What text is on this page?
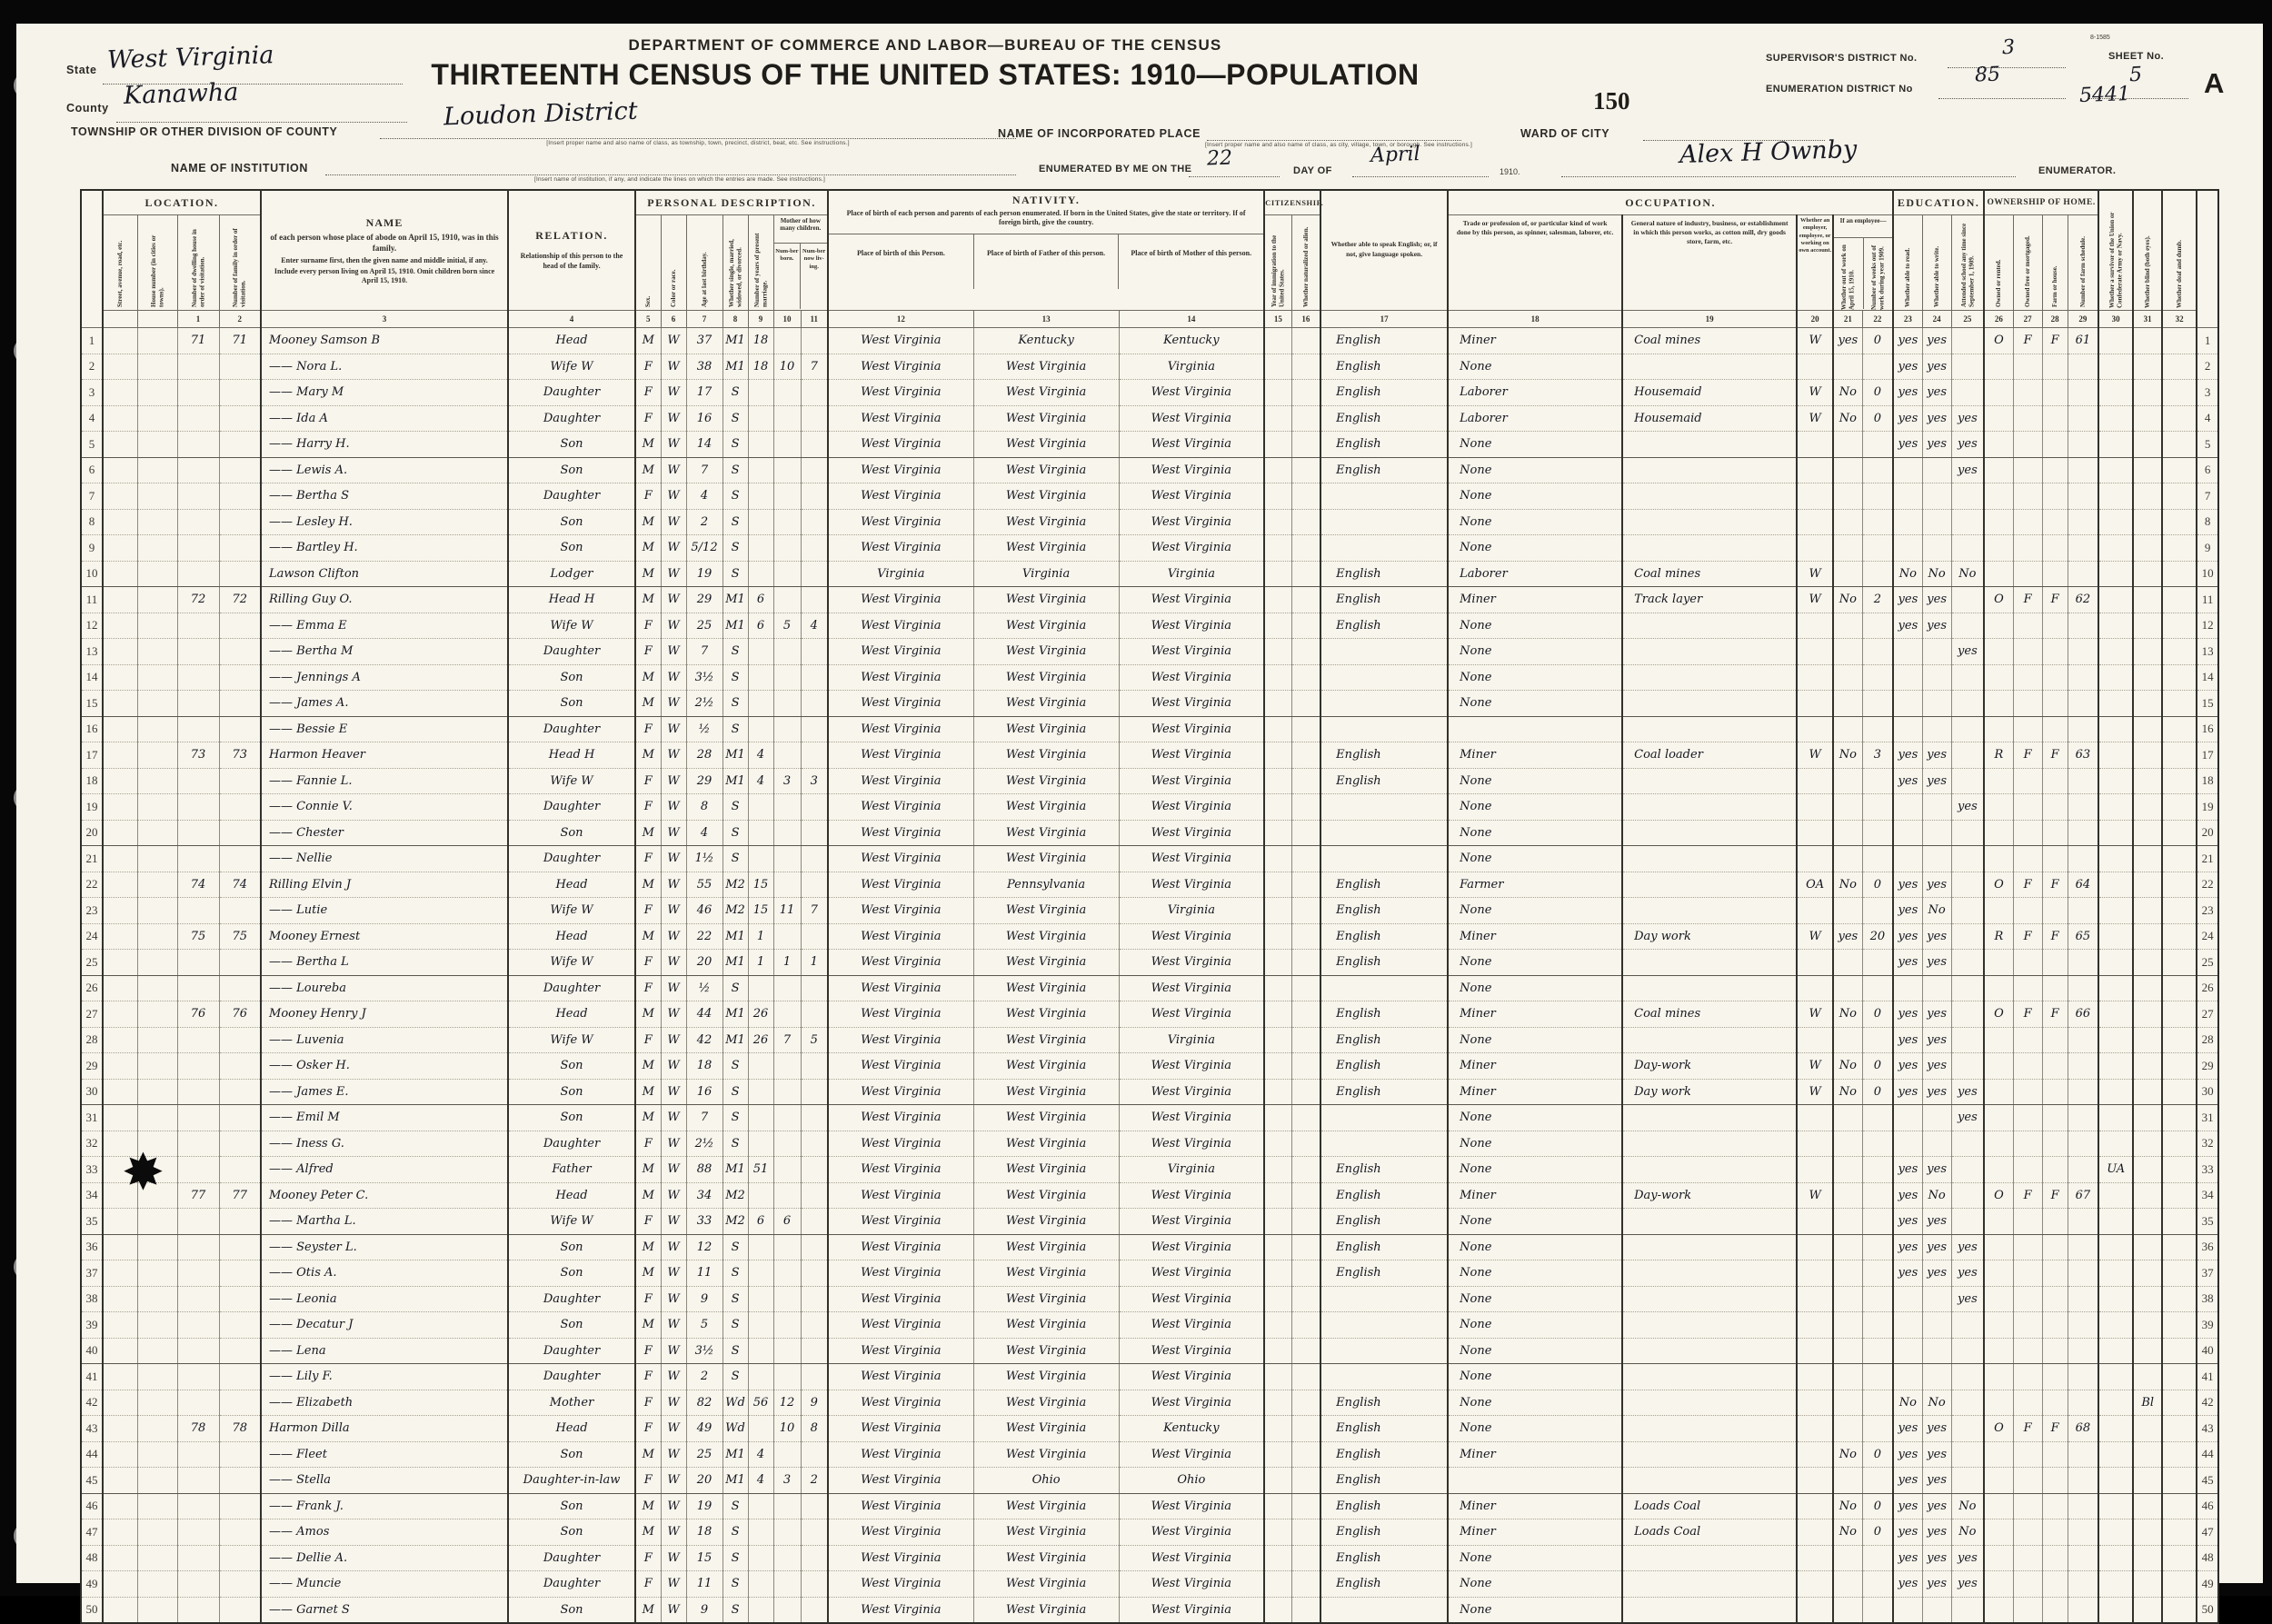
State West Virginia
County Kanawha
DEPARTMENT OF COMMERCE AND LABOR—BUREAU OF THE CENSUS
THIRTEENTH CENSUS OF THE UNITED STATES: 1910—POPULATION
150
SUPERVISOR'S DISTRICT No.	3
ENUMERATION DISTRICT No
85
8-1585
SHEET No.
5 A
TOWNSHIP OR OTHER DIVISION OF COUNTY
Loudon District
[Insert proper name and also name of class, as township, town, precinct, district, beat, etc. See instructions.]
NAME OF INCORPORATED PLACE
[Insert proper name and also name of class, as city, village, town, or borough. See instructions.]
WARD OF CITY
5441
NAME OF INSTITUTION
[Insert name of institution, if any, and indicate the lines on which the entries are made. See instructions.]
ENUMERATED BY ME ON THE 22
DAY OF
April
1910.
Alex H Ownby
ENUMERATOR.
	LOCATION.	
NAME
of each person whose place of abode on April 15, 1910, was in this family.
Enter surname first, then the given name and middle initial, if any.
Include every person living on April 15, 1910. Omit children born since April 15, 1910.

RELATION.
Relationship of this person to the head of the family.
	PERSONAL DESCRIPTION.	NATIVITY.
Place of birth of each person and parents of each person enumerated. If born in the United States, give the state or territory. If of foreign birth, give the country.
Place of birth of this Person.	Place of birth of Father of this person.	Place of birth of Mother of this person.
	CITIZENSHIP.	
Whether able to speak English; or, if not, give language spoken.
	OCCUPATION.	EDUCATION.	OWNERSHIP OF HOME.	
Whether a survivor of the Union or Confederate Army or Navy.	Whether blind (both eyes).	Whether deaf and dumb.

Street, avenue, road, etc.	House number (in cities or towns).	Number of dwelling house in order of visitation.	Number of family in order of visitation.	Sex.	Color or race.	Age at last birthday.	Whether single, married, widowed, or divorced.	Number of years of present marriage.

Mother of how many children.
Num-ber born.
Num-ber now liv-ing.	Year of immigration to the United States.	Whether naturalized or alien.

Trade or profession of, or particular kind of work done by this person, as spinner, salesman, laborer, etc.

General nature of industry, business, or establishment in which this person works, as cotton mill, dry goods store, farm, etc.

Whether an employer, employee, or working on own account.

If an employee—
Whether out of work on April 15, 1910. Number of weeks out of work during year 1909.	Whether able to read.	Whether able to write.	Attended school any time since September 1, 1909.	Owned or rented.	Owned free or mortgaged.	Farm or house.	Number of farm schedule.

			1	2	3	4	5	6	7	8	9	10	11	12	13	14	15	16	17	18	19	20	21	22	23	24	25	26	27	28	29	30	31	32	
1			71	71	Mooney Samson B	Head	M	W	37	M1	18			West Virginia	Kentucky	Kentucky			English	Miner	Coal mines	W	yes	0	yes	yes		O	F	F	61				1
2					—— Nora L.	Wife W	F	W	38	M1	18	10	7	West Virginia	West Virginia	Virginia			English	None					yes	yes									2
3					—— Mary M	Daughter	F	W	17	S				West Virginia	West Virginia	West Virginia			English	Laborer	Housemaid	W	No	0	yes	yes									3
4					—— Ida A	Daughter	F	W	16	S				West Virginia	West Virginia	West Virginia			English	Laborer	Housemaid	W	No	0	yes	yes	yes								4
5					—— Harry H.	Son	M	W	14	S				West Virginia	West Virginia	West Virginia			English	None					yes	yes	yes								5
6					—— Lewis A.	Son	M	W	7	S				West Virginia	West Virginia	West Virginia			English	None							yes								6
7					—— Bertha S	Daughter	F	W	4	S				West Virginia	West Virginia	West Virginia				None															7
8					—— Lesley H.	Son	M	W	2	S				West Virginia	West Virginia	West Virginia				None															8
9					—— Bartley H.	Son	M	W	5/12	S				West Virginia	West Virginia	West Virginia				None															9
10					Lawson Clifton	Lodger	M	W	19	S				Virginia	Virginia	Virginia			English	Laborer	Coal mines	W			No	No	No								10
11			72	72	Rilling Guy O.	Head H	M	W	29	M1	6			West Virginia	West Virginia	West Virginia			English	Miner	Track layer	W	No	2	yes	yes		O	F	F	62				11
12					—— Emma E	Wife W	F	W	25	M1	6	5	4	West Virginia	West Virginia	West Virginia			English	None					yes	yes									12
13					—— Bertha M	Daughter	F	W	7	S				West Virginia	West Virginia	West Virginia				None							yes								13
14					—— Jennings A	Son	M	W	3½	S				West Virginia	West Virginia	West Virginia				None															14
15					—— James A.	Son	M	W	2½	S				West Virginia	West Virginia	West Virginia				None															15
16					—— Bessie E	Daughter	F	W	½	S				West Virginia	West Virginia	West Virginia																			16
17			73	73	Harmon Heaver	Head H	M	W	28	M1	4			West Virginia	West Virginia	West Virginia			English	Miner	Coal loader	W	No	3	yes	yes		R	F	F	63				17
18					—— Fannie L.	Wife W	F	W	29	M1	4	3	3	West Virginia	West Virginia	West Virginia			English	None					yes	yes									18
19					—— Connie V.	Daughter	F	W	8	S				West Virginia	West Virginia	West Virginia				None							yes								19
20					—— Chester	Son	M	W	4	S				West Virginia	West Virginia	West Virginia				None															20
21					—— Nellie	Daughter	F	W	1½	S				West Virginia	West Virginia	West Virginia				None															21
22			74	74	Rilling Elvin J	Head	M	W	55	M2	15			West Virginia	Pennsylvania	West Virginia			English	Farmer		OA	No	0	yes	yes		O	F	F	64				22
23					—— Lutie	Wife W	F	W	46	M2	15	11	7	West Virginia	West Virginia	Virginia			English	None					yes	No									23
24			75	75	Mooney Ernest	Head	M	W	22	M1	1			West Virginia	West Virginia	West Virginia			English	Miner	Day work	W	yes	20	yes	yes		R	F	F	65				24
25					—— Bertha L	Wife W	F	W	20	M1	1	1	1	West Virginia	West Virginia	West Virginia			English	None					yes	yes									25
26					—— Loureba	Daughter	F	W	½	S				West Virginia	West Virginia	West Virginia				None															26
27			76	76	Mooney Henry J	Head	M	W	44	M1	26			West Virginia	West Virginia	West Virginia			English	Miner	Coal mines	W	No	0	yes	yes		O	F	F	66				27
28					—— Luvenia	Wife W	F	W	42	M1	26	7	5	West Virginia	West Virginia	Virginia			English	None					yes	yes									28
29					—— Osker H.	Son	M	W	18	S				West Virginia	West Virginia	West Virginia			English	Miner	Day-work	W	No	0	yes	yes									29
30					—— James E.	Son	M	W	16	S				West Virginia	West Virginia	West Virginia			English	Miner	Day work	W	No	0	yes	yes	yes								30
31					—— Emil M	Son	M	W	7	S				West Virginia	West Virginia	West Virginia				None							yes								31
32					—— Iness G.	Daughter	F	W	2½	S				West Virginia	West Virginia	West Virginia				None															32
33					—— Alfred	Father	M	W	88	M1	51			West Virginia	West Virginia	Virginia			English	None					yes	yes						UA			33
34			77	77	Mooney Peter C.	Head	M	W	34	M2				West Virginia	West Virginia	West Virginia			English	Miner	Day-work	W			yes	No		O	F	F	67				34
35					—— Martha L.	Wife W	F	W	33	M2	6	6		West Virginia	West Virginia	West Virginia			English	None					yes	yes									35
36					—— Seyster L.	Son	M	W	12	S				West Virginia	West Virginia	West Virginia			English	None					yes	yes	yes								36
37					—— Otis A.	Son	M	W	11	S				West Virginia	West Virginia	West Virginia			English	None					yes	yes	yes								37
38					—— Leonia	Daughter	F	W	9	S				West Virginia	West Virginia	West Virginia				None							yes								38
39					—— Decatur J	Son	M	W	5	S				West Virginia	West Virginia	West Virginia				None															39
40					—— Lena	Daughter	F	W	3½	S				West Virginia	West Virginia	West Virginia				None															40
41					—— Lily F.	Daughter	F	W	2	S				West Virginia	West Virginia	West Virginia				None															41
42					—— Elizabeth	Mother	F	W	82	Wd	56	12	9	West Virginia	West Virginia	West Virginia			English	None					No	No							Bl		42
43			78	78	Harmon Dilla	Head	F	W	49	Wd		10	8	West Virginia	West Virginia	Kentucky			English	None					yes	yes		O	F	F	68				43
44					—— Fleet	Son	M	W	25	M1	4			West Virginia	West Virginia	West Virginia			English	Miner			No	0	yes	yes									44
45					—— Stella	Daughter-in-law	F	W	20	M1	4	3	2	West Virginia	Ohio	Ohio			English						yes	yes									45
46					—— Frank J.	Son	M	W	19	S				West Virginia	West Virginia	West Virginia			English	Miner	Loads Coal		No	0	yes	yes	No								46
47					—— Amos	Son	M	W	18	S				West Virginia	West Virginia	West Virginia			English	Miner	Loads Coal		No	0	yes	yes	No								47
48					—— Dellie A.	Daughter	F	W	15	S				West Virginia	West Virginia	West Virginia			English	None					yes	yes	yes								48
49					—— Muncie	Daughter	F	W	11	S				West Virginia	West Virginia	West Virginia			English	None					yes	yes	yes								49
50					—— Garnet S	Son	M	W	9	S				West Virginia	West Virginia	West Virginia				None															50
✸
